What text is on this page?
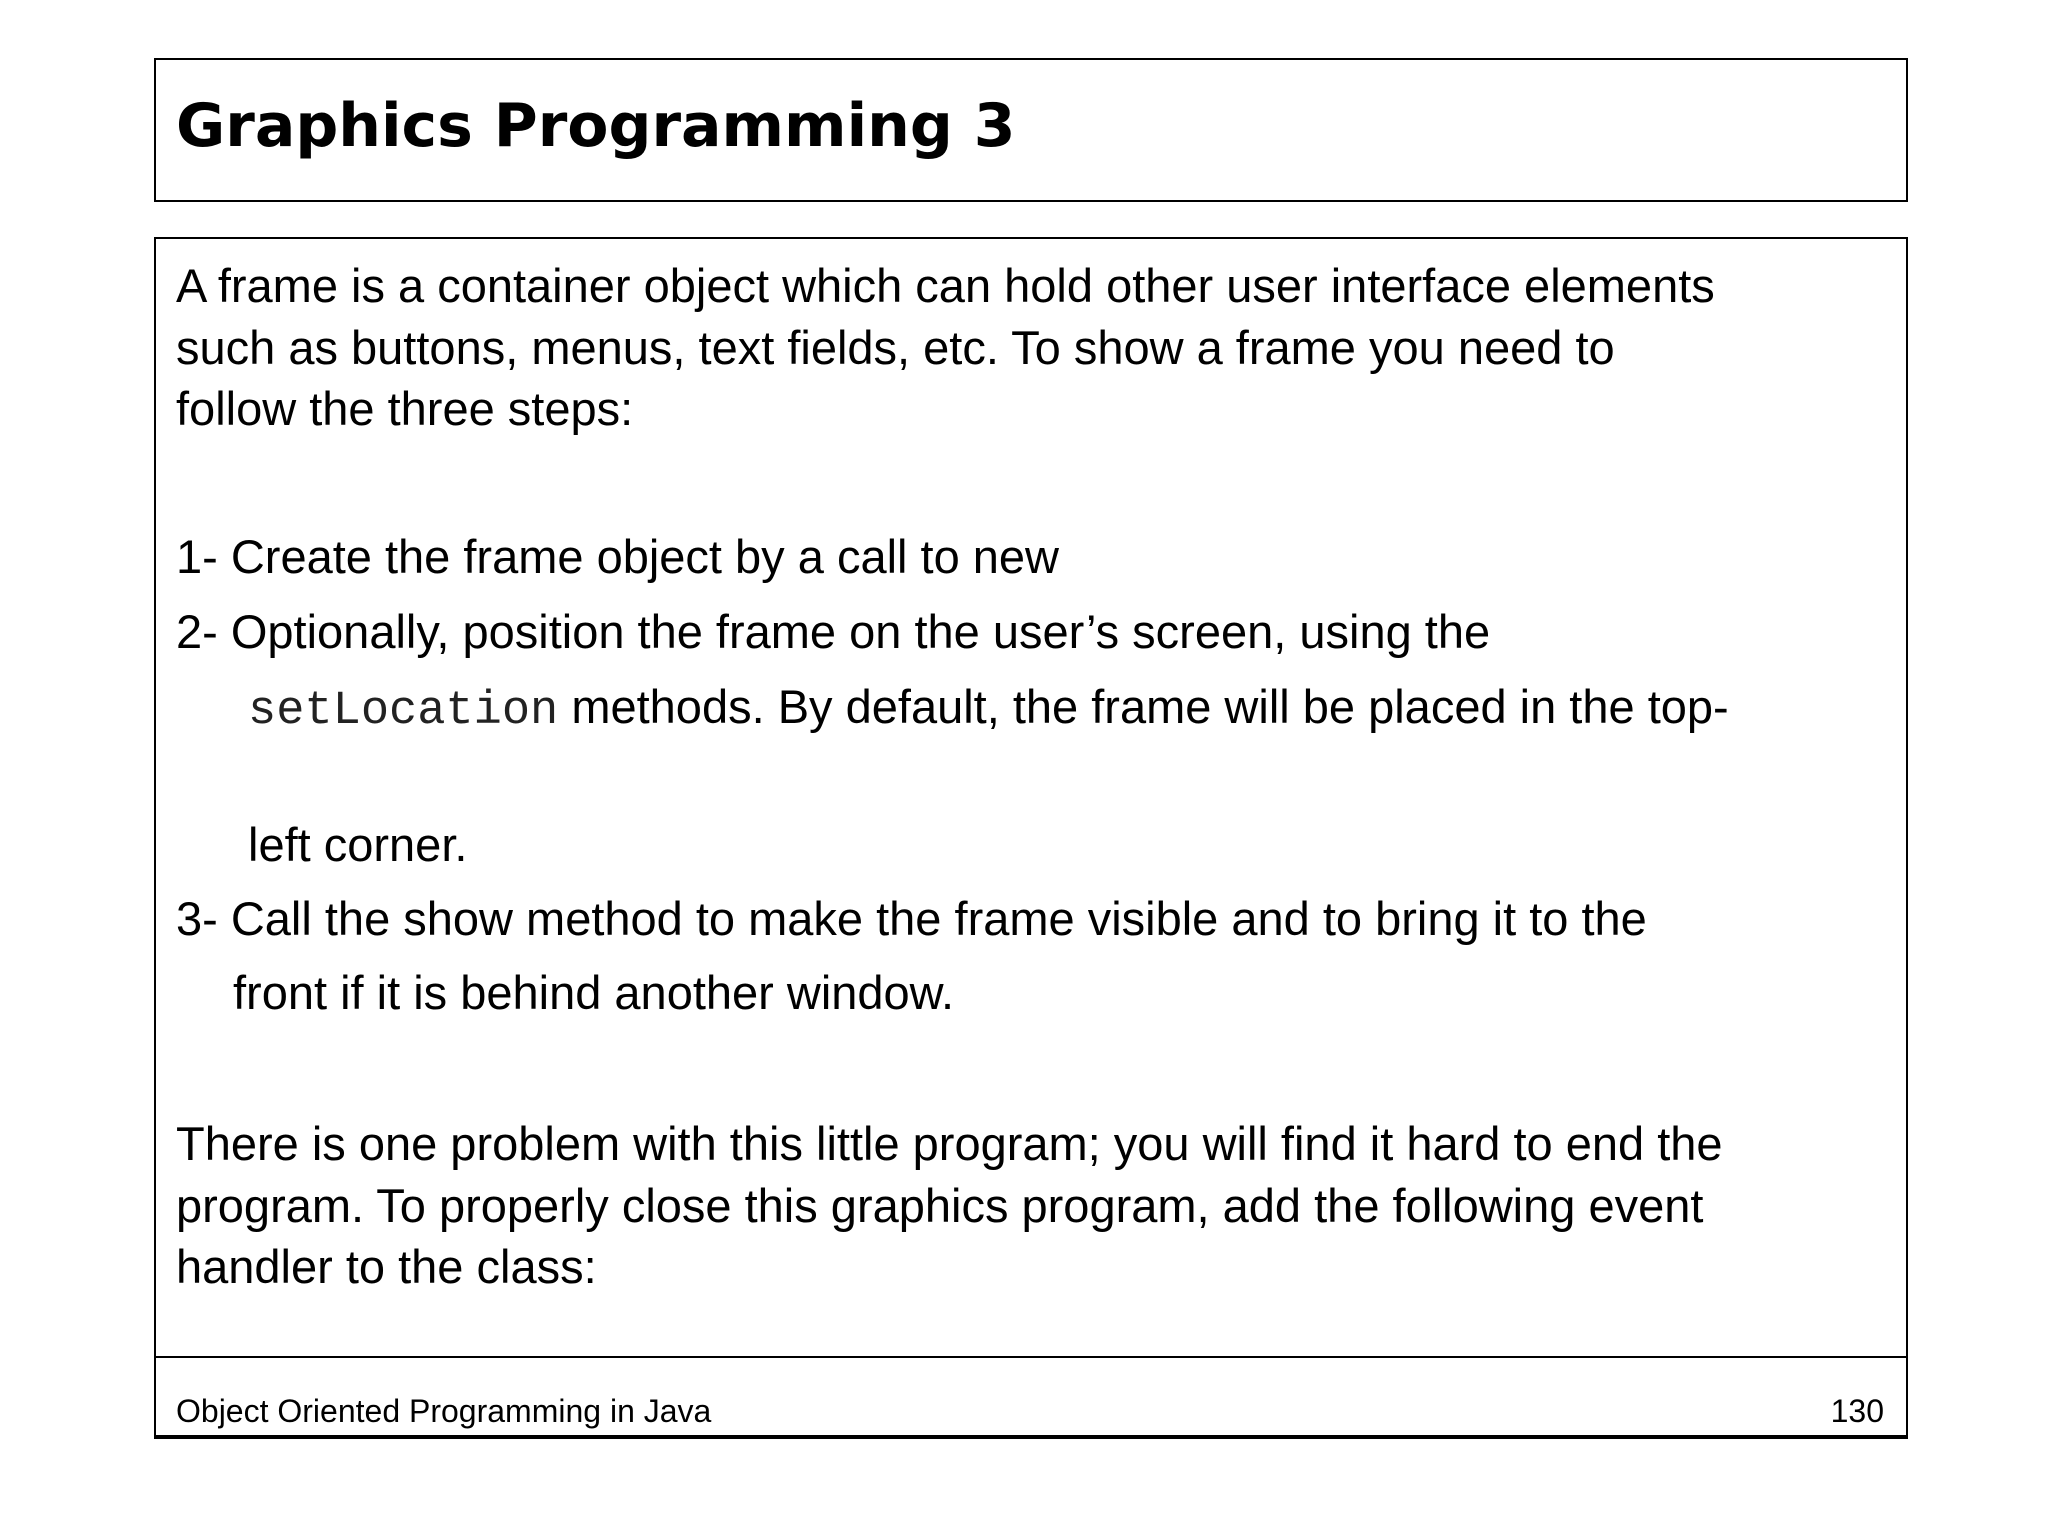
Graphics Programming 3

A frame is a container object which can hold other user interface elements

such as buttons, menus, text fields, etc. To show a frame you need to

follow the three steps:

1- Create the frame object by a call to new

2- Optionally, position the frame on the user’s screen, using the

setLocation methods. By default, the frame will be placed in the top-

left corner.

3- Call the show method to make the frame visible and to bring it to the

front if it is behind another window.

There is one problem with this little program; you will find it hard to end the

program. To properly close this graphics program, add the following event

handler to the class:

Object Oriented Programming in Java	130
